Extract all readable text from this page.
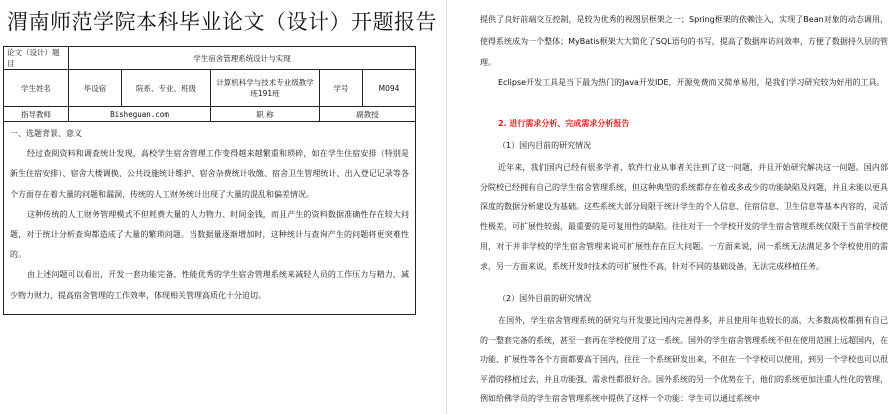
渭南师范学院本科毕业论文（设计）开题报告
论文（设计）题目	学生宿舍管理系统设计与实现				
学生姓名	毕设宿	院系、专业、班级	计算机科学与技术专业级教学班191班	学号	M094
指导教师	Bisheguan.com		职 称	副教授	

一、选题背景、意义

经过查阅资料和调查统计发现，高校学生宿舍管理工作变得越来越繁重和琐碎，如在学生住宿安排（特别是新生住宿安排）、宿舍大楼调换、公共设施统计维护、宿舍杂费统计收缴、宿舍卫生管理统计、出入登记记录等各个方面存在着大量的问题和漏洞，传统的人工财务统计出现了大量的混乱和偏差情况。

这种传统的人工财务管理模式不但耗费大量的人力物力、时间金钱，而且产生的资料数据准确性存在较大问题，对于统计分析查询都造成了大量的繁琐问题。当数据量逐渐增加时，这种统计与查询产生的问题将更突难性的。

由上述问题可以看出，开发一套功能完备、性能优秀的学生宿舍管理系统来减轻人员的工作压力与精力，减少物力财力，提高宿舍管理的工作效率，体现相关管理高质化十分迫切。

提供了良好前端交互控制，是较为优秀的视图层框架之一；Spring框架的依赖注入，实现了Bean对象的动态调用，使得系统成为一个整体；MyBatis框架大大简化了SQL语句的书写，提高了数据库访问效率，方便了数据持久层的管理。

Eclipse开发工具是当下最为热门的Java开发IDE，开源免费而又简单易用，是我们学习研究较为好用的工具。

2. 进行需求分析、完成需求分析报告

（1）国内目前的研究情况

近年来，我们国内已经有很多学者、软件行业从事者关注到了这一问题，并且开始研究解决这一问题。国内部分院校已经拥有自己的学生宿舍管理系统，但这种典型的系统都存在着或多或少的功能缺陷及问题，并且未能以更具深度的数据分析建设为基础。这些系统大部分局限于统计学生的个人信息、住宿信息、卫生信息等基本内容的，灵活性极差，可扩展性较弱，最重要的是可复用性的缺陷。往往对于一个学校开发的学生宿舍管理系统仅限于当前学校使用，对于并非学校的学生宿舍管理来说可扩展性存在巨大问题。一方面来说，同一系统无法满足多个学校使用的需求，另一方面来说，系统开发时技术的可扩展性不高，针对不同的基础设备，无法完成移植任务。

（2）国外目前的研究情况

在国外，学生宿舍管理系统的研究与开发要比国内完善得多，并且使用年也较长的高，大多数高校都拥有自己的一整套完备的系统，甚至一套再在学校使用了这一系统。国外的学生宿舍管理系统不但在使用范围上远超国内，在功能、扩展性等各个方面都要高于国内，往往一个系统研发出来，不但在一个学校可以使用，到另一个学校也可以很平滑的移植过去，并且功能强、需求性都很好合。国外系统的另一个优势在于，他们的系统更加注重人性化的管理，例如给佛学员的学生宿舍管理系统中提供了这样一个功能：学生可以通过系统中
